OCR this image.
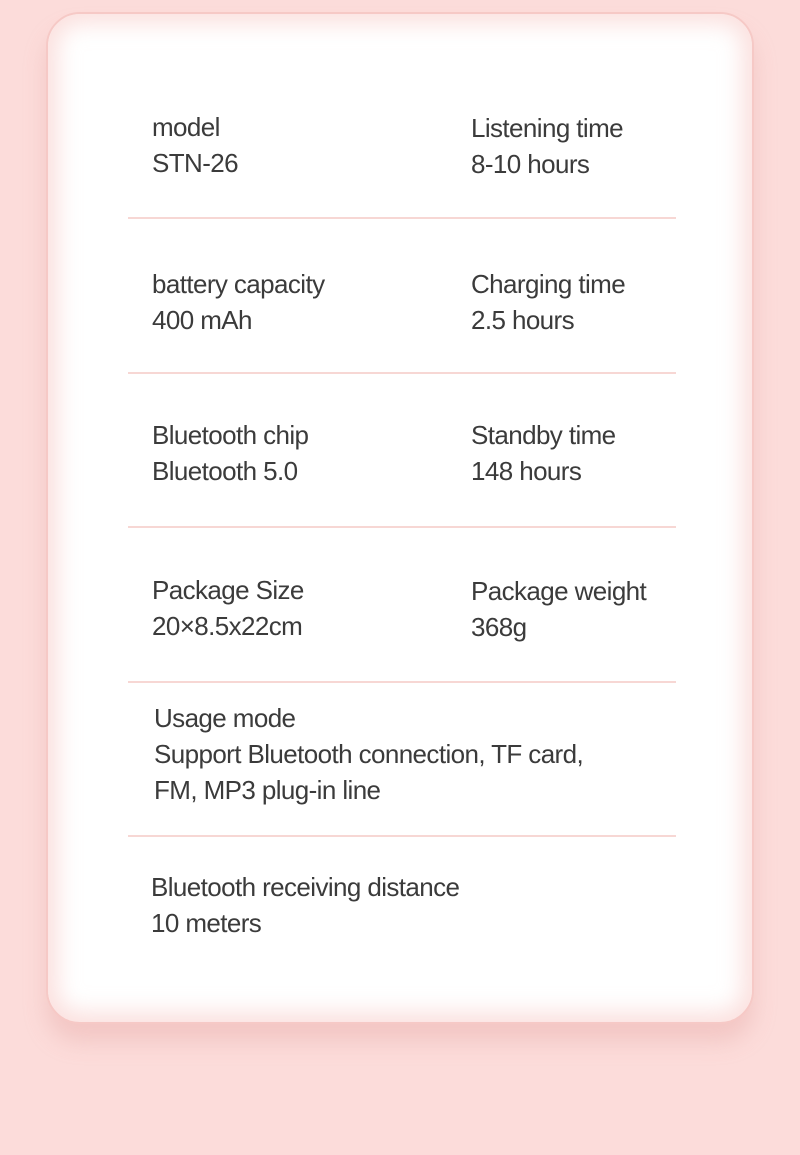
model
STN-26
Listening time
8-10 hours
battery capacity
400 mAh
Charging time
2.5 hours
Bluetooth chip
Bluetooth 5.0
Standby time
148 hours
Package Size
20×8.5x22cm
Package weight
368g
Usage mode
Support Bluetooth connection, TF card,
FM, MP3 plug-in line
Bluetooth receiving distance
10 meters
